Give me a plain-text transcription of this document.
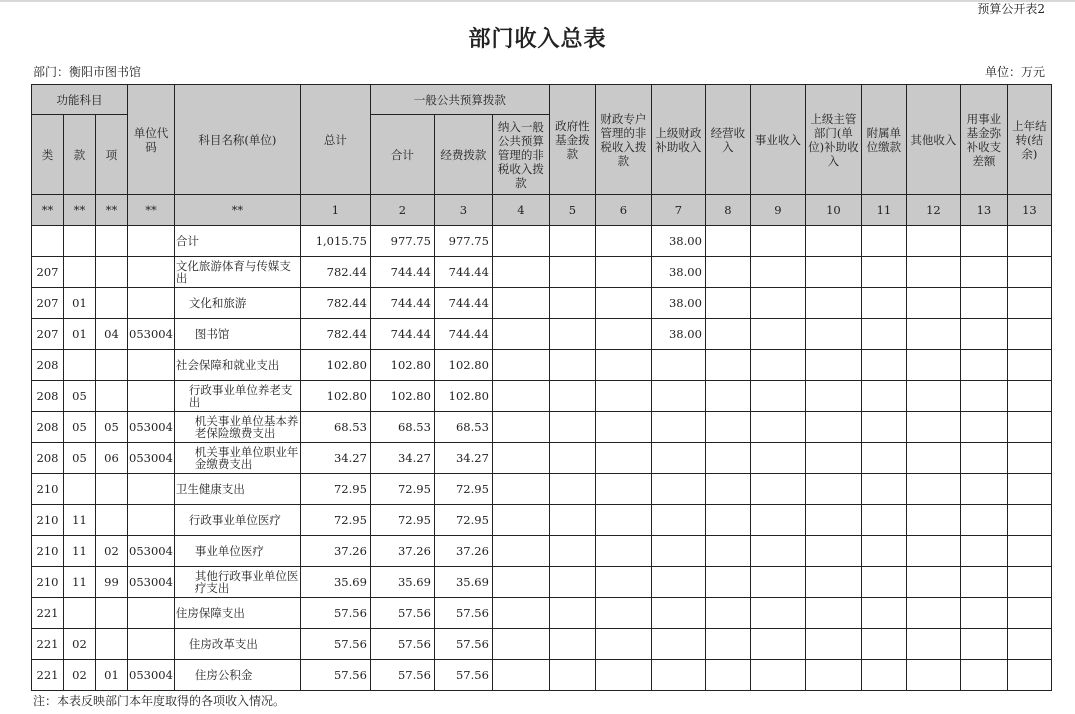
预算公开表2
部门收入总表
部门：衡阳市图书馆	单位：万元
功能科目			单位代码	科目名称(单位)	总计	一般公共预算拨款			政府性基金拨款	财政专户管理的非税收入拨款	上级财政补助收入	经营收入	事业收入	上级主管部门(单位)补助收入	附属单位缴款	其他收入	用事业基金弥补收支差额	上年结转(结余)
类	款	项				合计	经费拨款	纳入一般公共预算管理的非税收入拨款										
**	**	**	**	**	1	2	3	4	5	6	7	8	9	10	11	12	13	13
				合计	1,015.75	977.75	977.75				38.00							
207				文化旅游体育与传媒支出	782.44	744.44	744.44				38.00							
207	01			文化和旅游	782.44	744.44	744.44				38.00							
207	01	04	053004	图书馆	782.44	744.44	744.44				38.00							
208				社会保障和就业支出	102.80	102.80	102.80											
208	05			行政事业单位养老支出	102.80	102.80	102.80											
208	05	05	053004	机关事业单位基本养老保险缴费支出	68.53	68.53	68.53											
208	05	06	053004	机关事业单位职业年金缴费支出	34.27	34.27	34.27											
210				卫生健康支出	72.95	72.95	72.95											
210	11			行政事业单位医疗	72.95	72.95	72.95											
210	11	02	053004	事业单位医疗	37.26	37.26	37.26											
210	11	99	053004	其他行政事业单位医疗支出	35.69	35.69	35.69											
221				住房保障支出	57.56	57.56	57.56											
221	02			住房改革支出	57.56	57.56	57.56											
221	02	01	053004	住房公积金	57.56	57.56	57.56											
注：本表反映部门本年度取得的各项收入情况。
